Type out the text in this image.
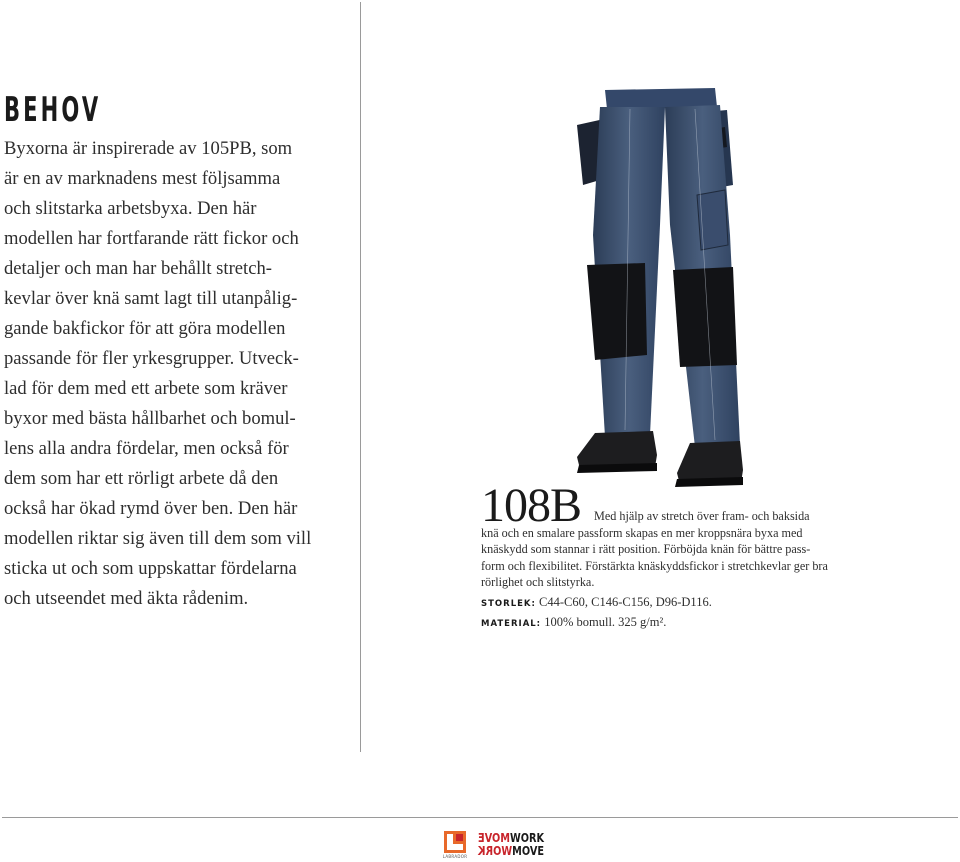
BEHOV
Byxorna är inspirerade av 105PB, som
är en av marknadens mest följsamma
och slitstarka arbetsbyxa. Den här
modellen har fortfarande rätt fickor och
detaljer och man har behållt stretch-
kevlar över knä samt lagt till utanpålig-
gande bakfickor för att göra modellen
passande för fler yrkesgrupper. Utveck-
lad för dem med ett arbete som kräver
byxor med bästa hållbarhet och bomul-
lens alla andra fördelar, men också för
dem som har ett rörligt arbete då den
också har ökad rymd över ben. Den här
modellen riktar sig även till dem som vill
sticka ut och som uppskattar fördelarna
och utseendet med äkta rådenim.
108B	Med hjälp av stretch över fram- och baksida
knä och en smalare passform skapas en mer kroppsnära byxa med
knäskydd som stannar i rätt position. Förböjda knän för bättre pass-
form och flexibilitet. Förstärkta knäskyddsfickor i stretchkevlar ger bra
rörlighet och slitstyrka.
STORLEK: C44-C60, C146-C156, D96-D116.
MATERIAL: 100% bomull. 325 g/m².
LABRADOR
MOVEWORK
WORKMOVE
